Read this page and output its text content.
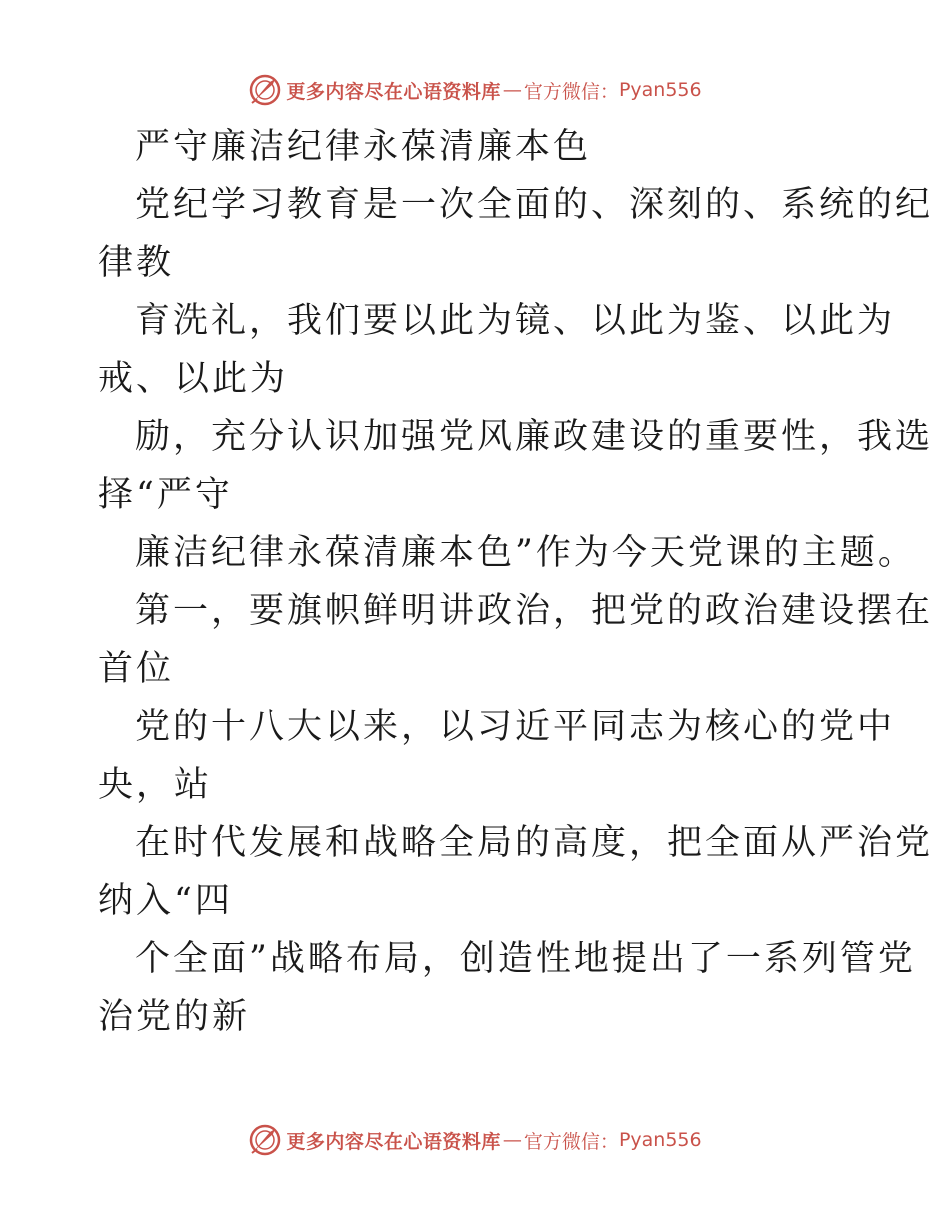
更多内容尽在心语资料库 — 官方微信： Pyan556
严守廉洁纪律永葆清廉本色
党纪学习教育是一次全面的、深刻的、系统的纪
律教
育洗礼，我们要以此为镜、以此为鉴、以此为
戒、以此为
励，充分认识加强党风廉政建设的重要性，我选
择“严守
廉洁纪律永葆清廉本色”作为今天党课的主题。
第一，要旗帜鲜明讲政治，把党的政治建设摆在
首位
党的十八大以来，以习近平同志为核心的党中
央，站
在时代发展和战略全局的高度，把全面从严治党
纳入“四
个全面”战略布局，创造性地提出了一系列管党
治党的新
更多内容尽在心语资料库 — 官方微信： Pyan556
